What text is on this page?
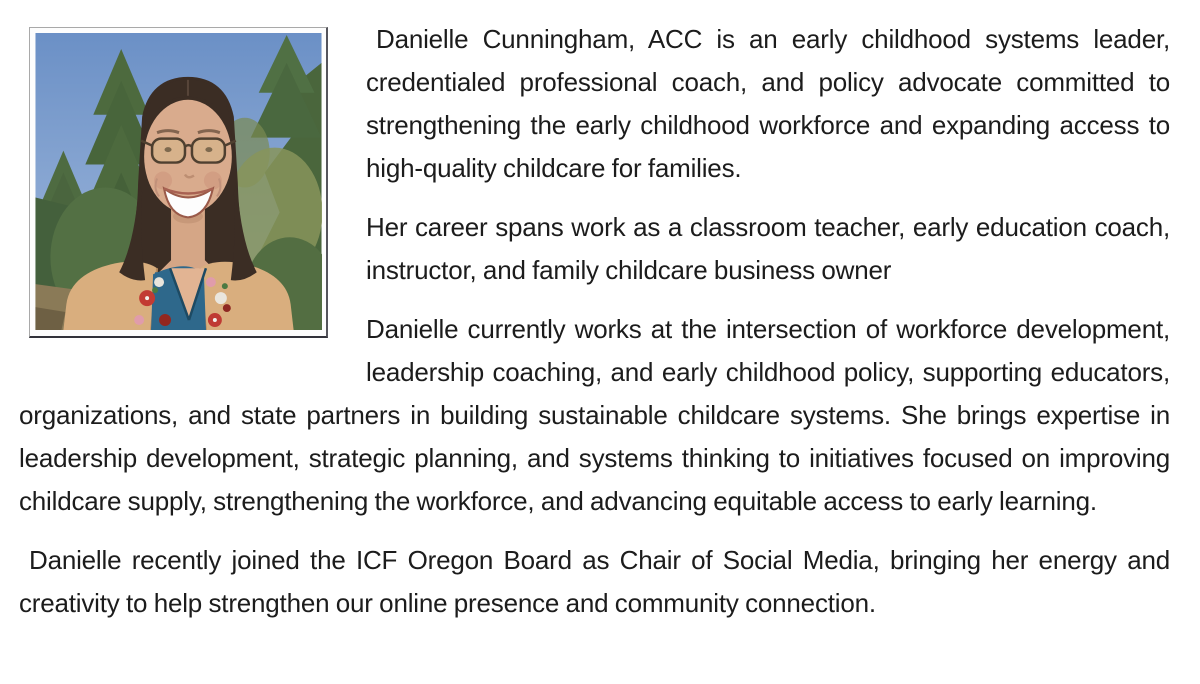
Danielle Cunningham, ACC is an early childhood systems leader, credentialed professional coach, and policy advocate committed to strengthening the early childhood workforce and expanding access to high-quality childcare for families.

Her career spans work as a classroom teacher, early education coach, instructor, and family childcare business owner

Danielle currently works at the intersection of workforce development, leadership coaching, and early childhood policy, supporting educators, organizations, and state partners in building sustainable childcare systems. She brings expertise in leadership development, strategic planning, and systems thinking to initiatives focused on improving childcare supply, strengthening the workforce, and advancing equitable access to early learning.

Danielle recently joined the ICF Oregon Board as Chair of Social Media, bringing her energy and creativity to help strengthen our online presence and community connection.
